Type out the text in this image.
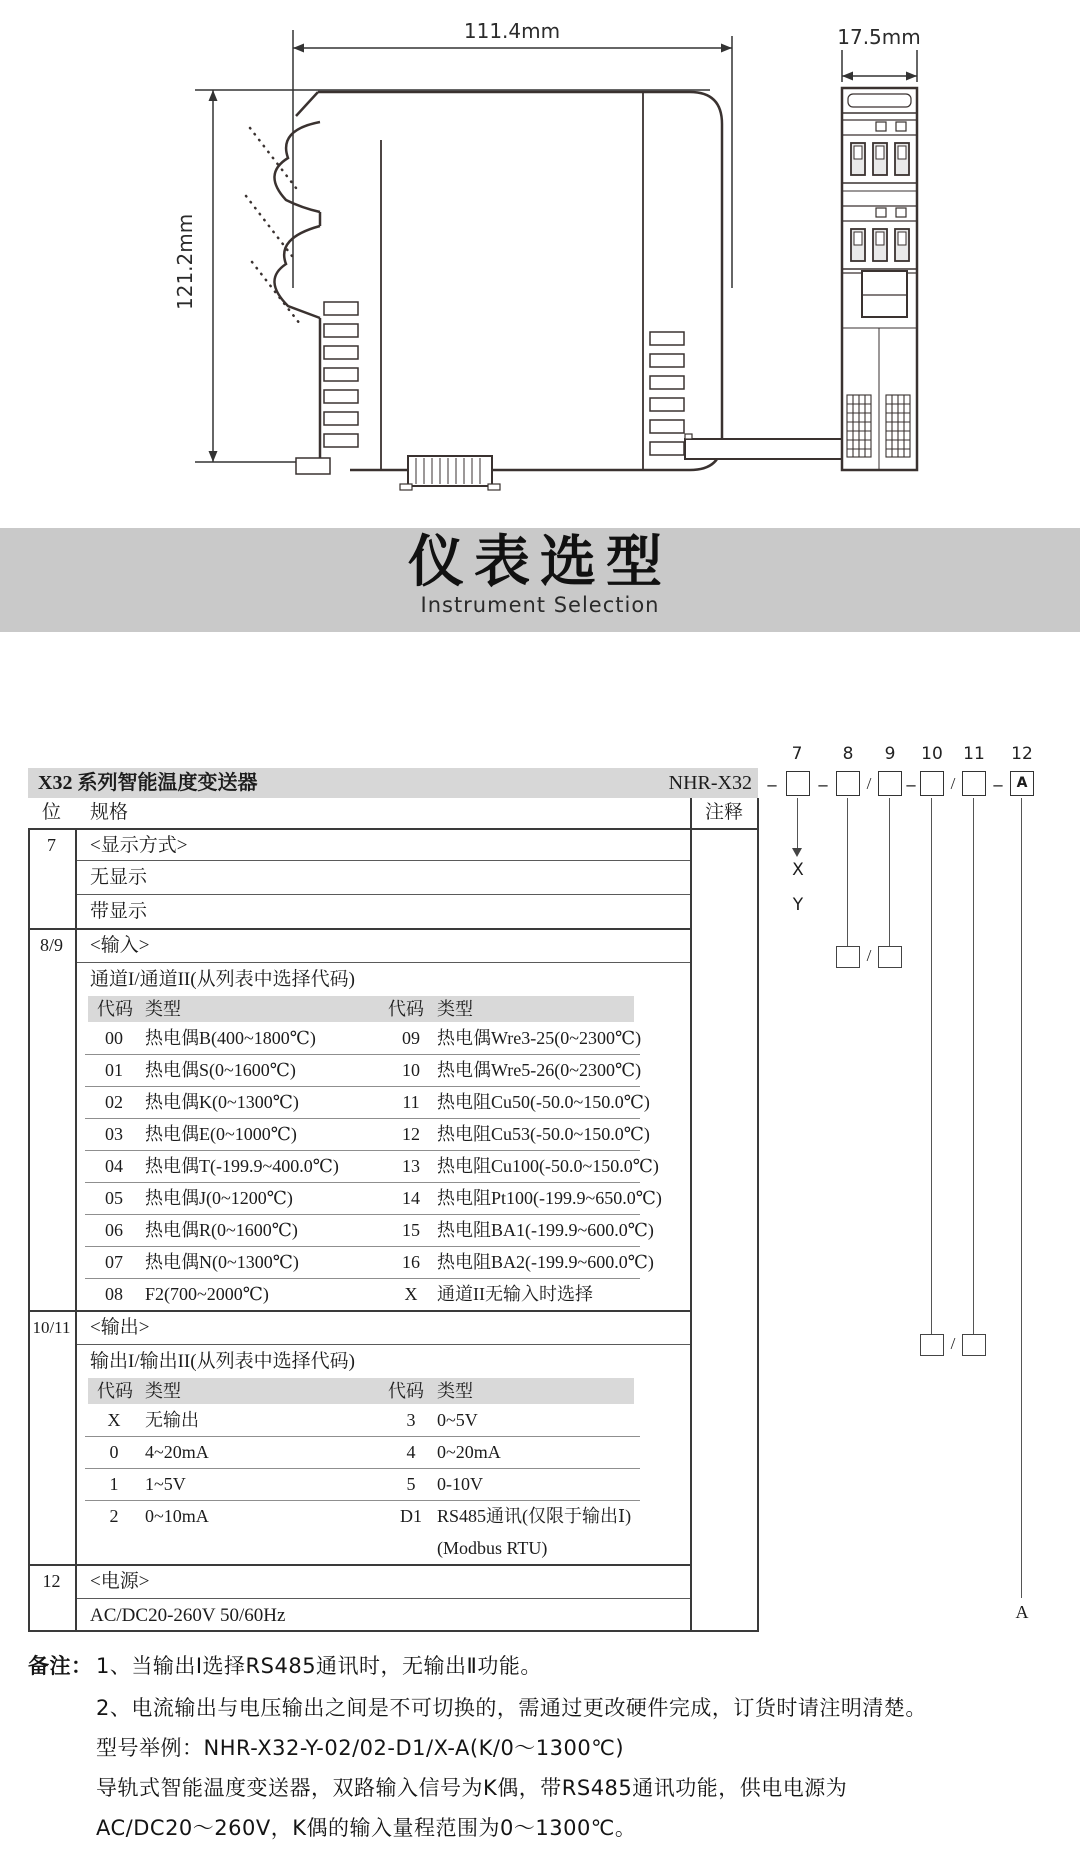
111.4mm
121.2mm
17.5mm
仪表选型
Instrument Selection
7 8 9 10 11 12
X32 系列智能温度变送器	NHR-X32 – – / – / –	A
位	规格	注释
7	<显示方式>
无显示
带显示
8/9	<输入>
通道I/通道II(从列表中选择代码)
代码 类型	代码 类型
00	热电偶B(400~1800℃)	09 热电偶Wre3-25(0~2300℃)
01	热电偶S(0~1600℃)	10 热电偶Wre5-26(0~2300℃)
02	热电偶K(0~1300℃)	11 热电阻Cu50(-50.0~150.0℃)
03	热电偶E(0~1000℃)	12 热电阻Cu53(-50.0~150.0℃)
04	热电偶T(-199.9~400.0℃)	13 热电阻Cu100(-50.0~150.0℃)
05	热电偶J(0~1200℃)	14 热电阻Pt100(-199.9~650.0℃)
06	热电偶R(0~1600℃)	15 热电阻BA1(-199.9~600.0℃)
07	热电偶N(0~1300℃)	16 热电阻BA2(-199.9~600.0℃)
08	F2(700~2000℃)	X	通道II无输入时选择
10/11 <输出>
输出I/输出II(从列表中选择代码)
代码 类型	代码 类型
X	无输出	3	0~5V
0	4~20mA	4	0~20mA
1	1~5V	5	0-10V
2	0~10mA	D1 RS485通讯(仅限于输出Ⅰ)
(Modbus RTU)
12	<电源>
AC/DC20-260V 50/60Hz
X
Y
/
/
A
备注： 1、当输出Ⅰ选择RS485通讯时，无输出Ⅱ功能。
2、电流输出与电压输出之间是不可切换的，需通过更改硬件完成，订货时请注明清楚。
型号举例：NHR-X32-Y-02/02-D1/X-A(K/0～1300℃)
导轨式智能温度变送器，双路输入信号为K偶，带RS485通讯功能，供电电源为
AC/DC20～260V，K偶的输入量程范围为0～1300℃。
